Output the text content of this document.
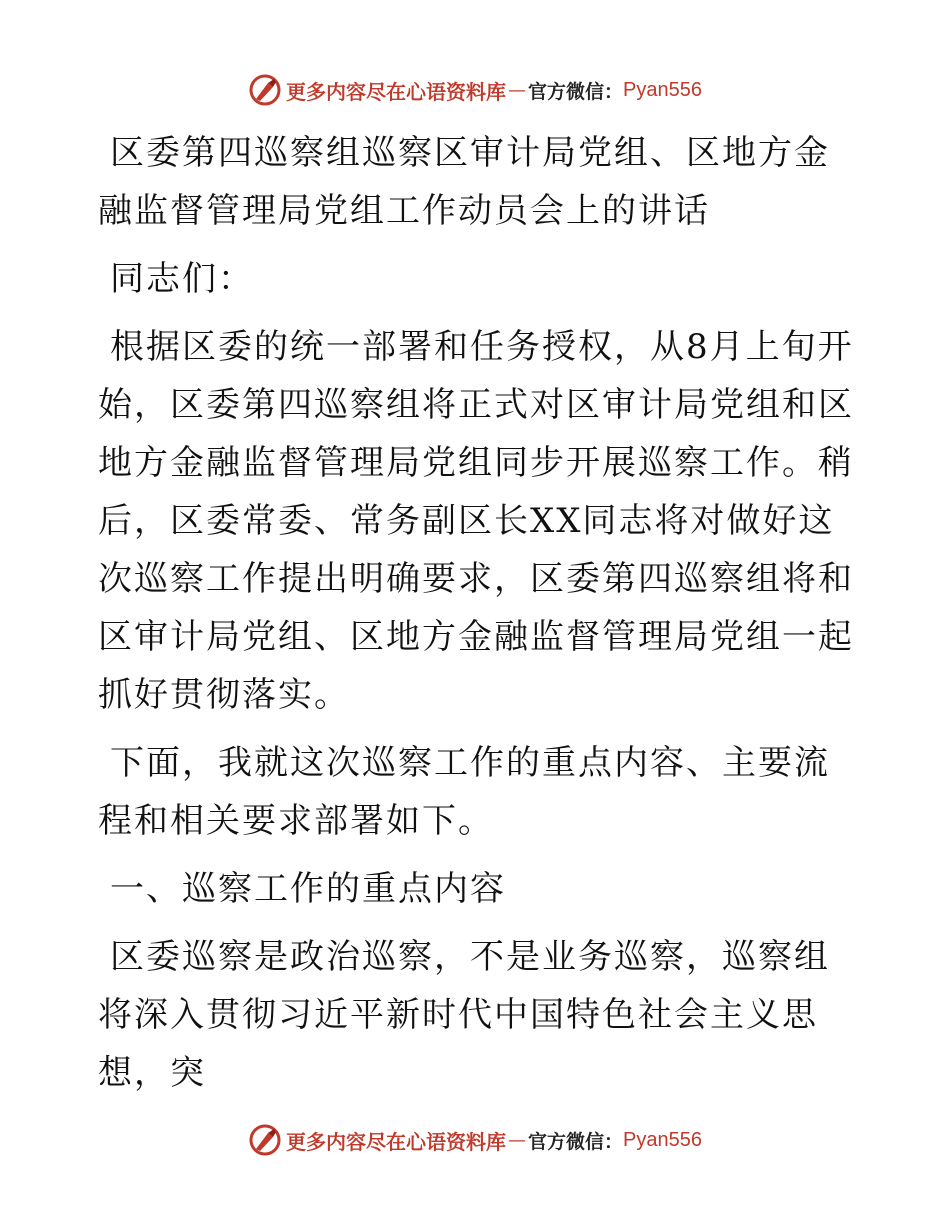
更多内容尽在心语资料库 — 官方微信： Pyan556
区委第四巡察组巡察区审计局党组、区地方金融监督管理局党组工作动员会上的讲话
同志们：
根据区委的统一部署和任务授权，从8月上旬开始，区委第四巡察组将正式对区审计局党组和区地方金融监督管理局党组同步开展巡察工作。稍后，区委常委、常务副区长XX同志将对做好这次巡察工作提出明确要求，区委第四巡察组将和区审计局党组、区地方金融监督管理局党组一起抓好贯彻落实。
下面，我就这次巡察工作的重点内容、主要流程和相关要求部署如下。
一、巡察工作的重点内容
区委巡察是政治巡察，不是业务巡察，巡察组将深入贯彻习近平新时代中国特色社会主义思想，突
更多内容尽在心语资料库 — 官方微信： Pyan556
